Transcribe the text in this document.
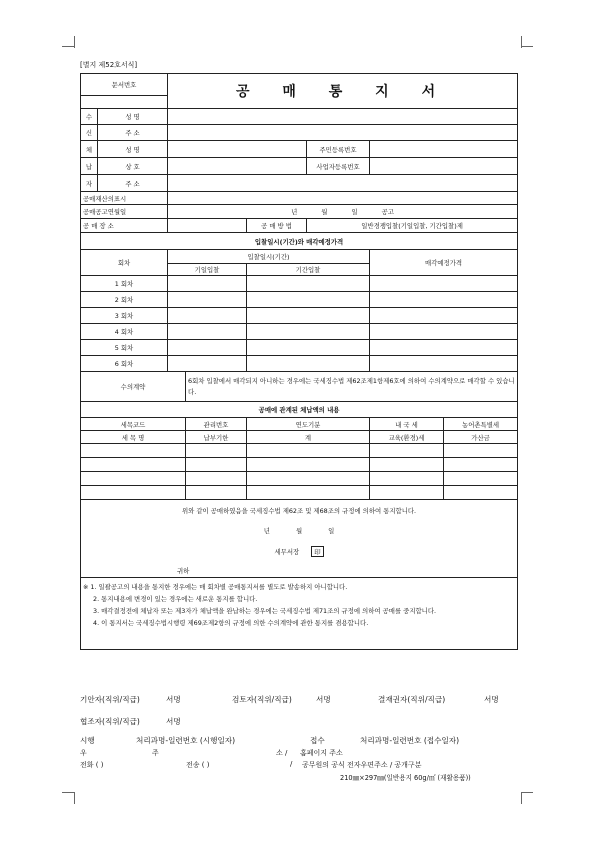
[별지 제52호서식]
문서번호		공 매 통 지 서					

수	성 명						
신	주 소						
체	성 명				주민등록번호		
납	상 호				사업자등록번호		
자	주 소						
공매재산의표시							
공매공고연월일		년 월 일 공고					
공 매 장 소				공 매 방 법	일반경쟁입찰(기일입찰, 기간입찰)제		
입찰일시(기간)와 매각예정가격							
회차		입찰일시(기간)				매각예정가격	
		기일입찰		기간입찰			
1 회차							
2 회차							
3 회차							
4 회차							
5 회차							
6 회차							
수의계약			6회차 입찰에서 매각되지 아니하는 경우에는 국세징수법 제62조제1항제6호에 의하여 수의계약으로 매각할 수 있습니다.				
공매에 관계된 체납액의 내용							
세목코드			관리번호	연도기분		내 국 세	농어촌특별세
세 목 명			납부기한	계		교육(환경)세	가산금

위와 같이 공매하였음을 국세징수법 제62조 및 제68조의 규정에 의하여 통지합니다.
년 월 일
세무서장 印
귀하							

※ 1. 일괄공고의 내용을 통지한 경우에는 매 회차별 공매통지서를 별도로 발송하지 아니합니다.
2. 통지내용에 변경이 있는 경우에는 새로운 통지를 합니다.
3. 매각결정전에 체납자 또는 제3자가 체납액을 완납하는 경우에는 국세징수법 제71조의 규정에 의하여 공매를 중지합니다.
4. 이 통지서는 국세징수법시행령 제69조제2항의 규정에 의한 수의계약에 관한 통지를 겸용합니다.							
기안자(직위/직급)	서명	검토자(직위/직급)	서명	결재권자(직위/직급)	서명
협조자(직위/직급)	서명
시행	처리과명-일련번호 (시행일자)	접수	처리과명-일련번호 (접수일자)
우	주	소 / 홈페이지 주소
전화 ( )	전송 ( )	/ 공무원의 공식 전자우편주소 / 공개구분
210㎜×297㎜(일반용지 60g/㎡ (재활용품))
